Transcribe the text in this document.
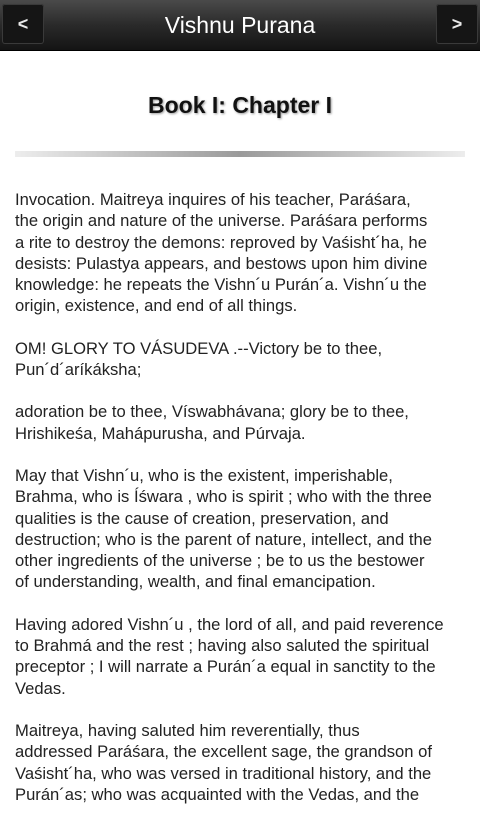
<	Vishnu Purana	>
Book I: Chapter I
Invocation. Maitreya inquires of his teacher, Paráśara,
the origin and nature of the universe. Paráśara performs
a rite to destroy the demons: reproved by Vaśisht´ha, he
desists: Pulastya appears, and bestows upon him divine
knowledge: he repeats the Vishn´u Purán´a. Vishn´u the
origin, existence, and end of all things.
OM! GLORY TO VÁSUDEVA .--Victory be to thee,
Pun´d´aríkáksha;
adoration be to thee, Víswabhávana; glory be to thee,
Hrishikeśa, Mahápurusha, and Púrvaja.
May that Vishn´u, who is the existent, imperishable,
Brahma, who is Íśwara , who is spirit ; who with the three
qualities is the cause of creation, preservation, and
destruction; who is the parent of nature, intellect, and the
other ingredients of the universe ; be to us the bestower
of understanding, wealth, and final emancipation.
Having adored Vishn´u , the lord of all, and paid reverence
to Brahmá and the rest ; having also saluted the spiritual
preceptor ; I will narrate a Purán´a equal in sanctity to the
Vedas.
Maitreya, having saluted him reverentially, thus
addressed Paráśara, the excellent sage, the grandson of
Vaśisht´ha, who was versed in traditional history, and the
Purán´as; who was acquainted with the Vedas, and the
